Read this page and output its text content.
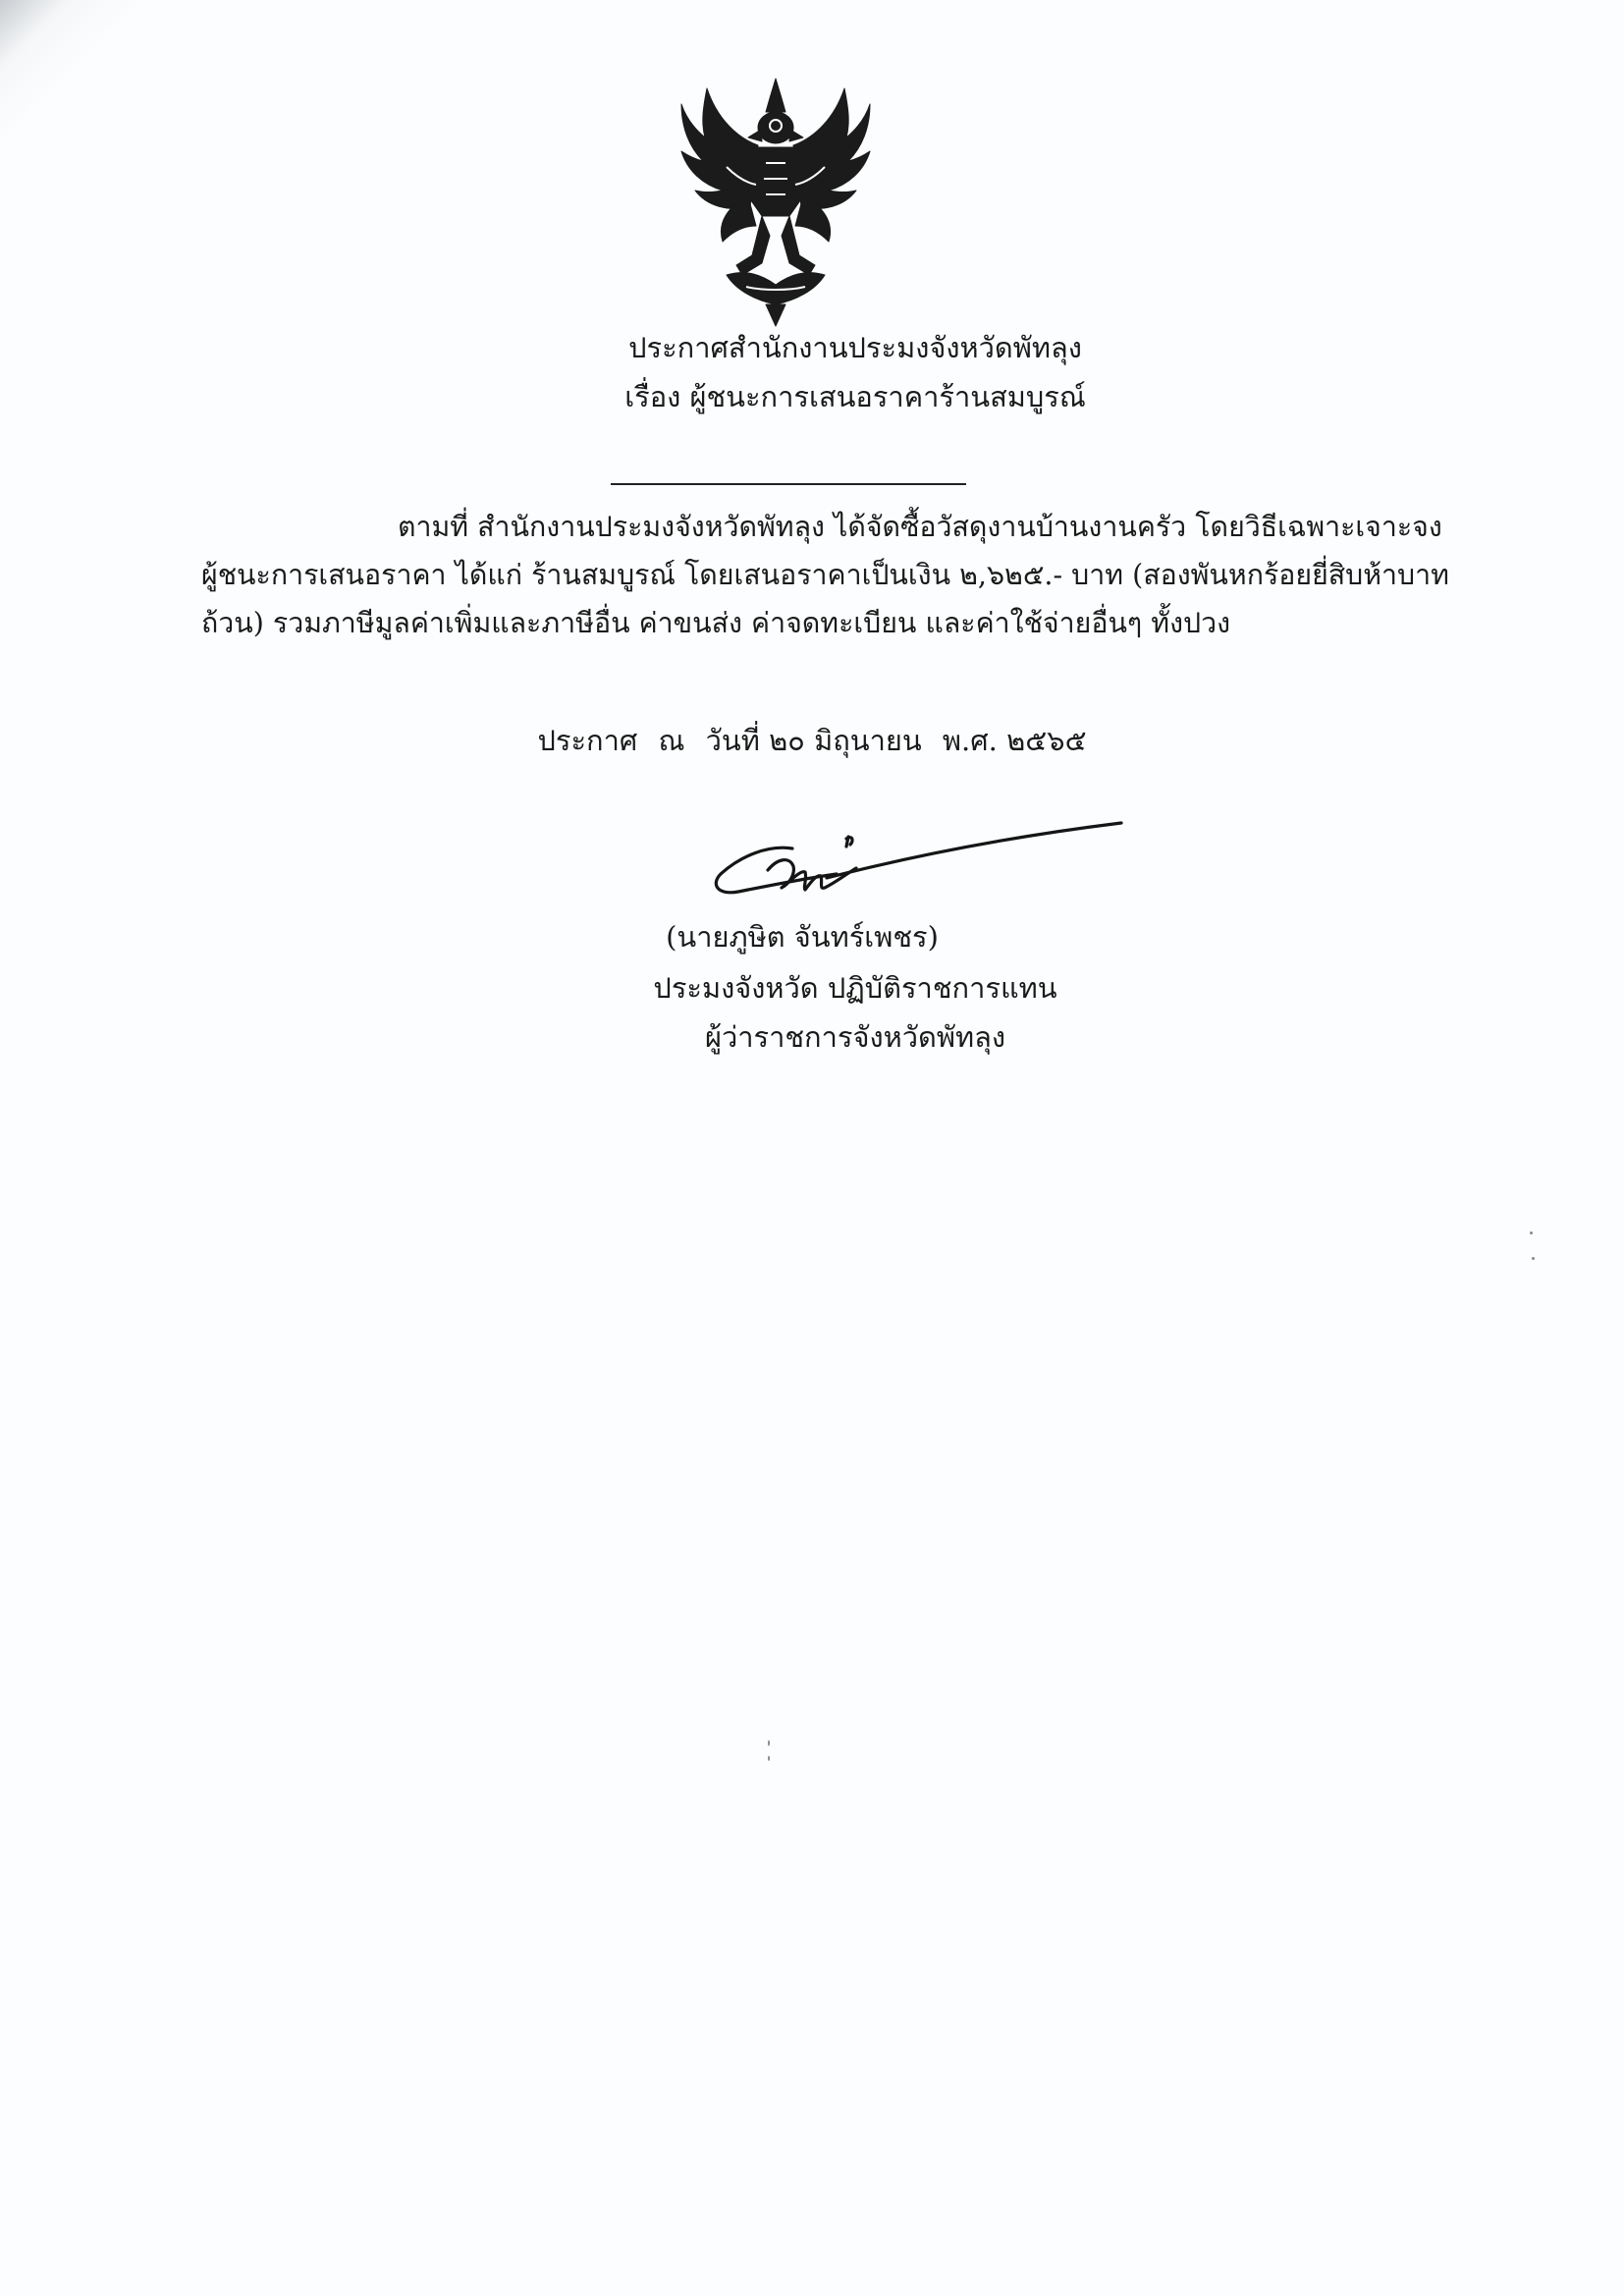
ประกาศสำนักงานประมงจังหวัดพัทลุง
เรื่อง ผู้ชนะการเสนอราคาร้านสมบูรณ์
ตามที่ สำนักงานประมงจังหวัดพัทลุง ได้จัดซื้อวัสดุงานบ้านงานครัว โดยวิธีเฉพาะเจาะจง
ผู้ชนะการเสนอราคา ได้แก่ ร้านสมบูรณ์ โดยเสนอราคาเป็นเงิน ๒,๖๒๕.- บาท (สองพันหกร้อยยี่สิบห้าบาท
ถ้วน) รวมภาษีมูลค่าเพิ่มและภาษีอื่น ค่าขนส่ง ค่าจดทะเบียน และค่าใช้จ่ายอื่นๆ ทั้งปวง
ประกาศ ณ วันที่ ๒๐ มิถุนายน พ.ศ. ๒๕๖๕
(นายภูษิต จันทร์เพชร)
ประมงจังหวัด ปฏิบัติราชการแทน
ผู้ว่าราชการจังหวัดพัทลุง
